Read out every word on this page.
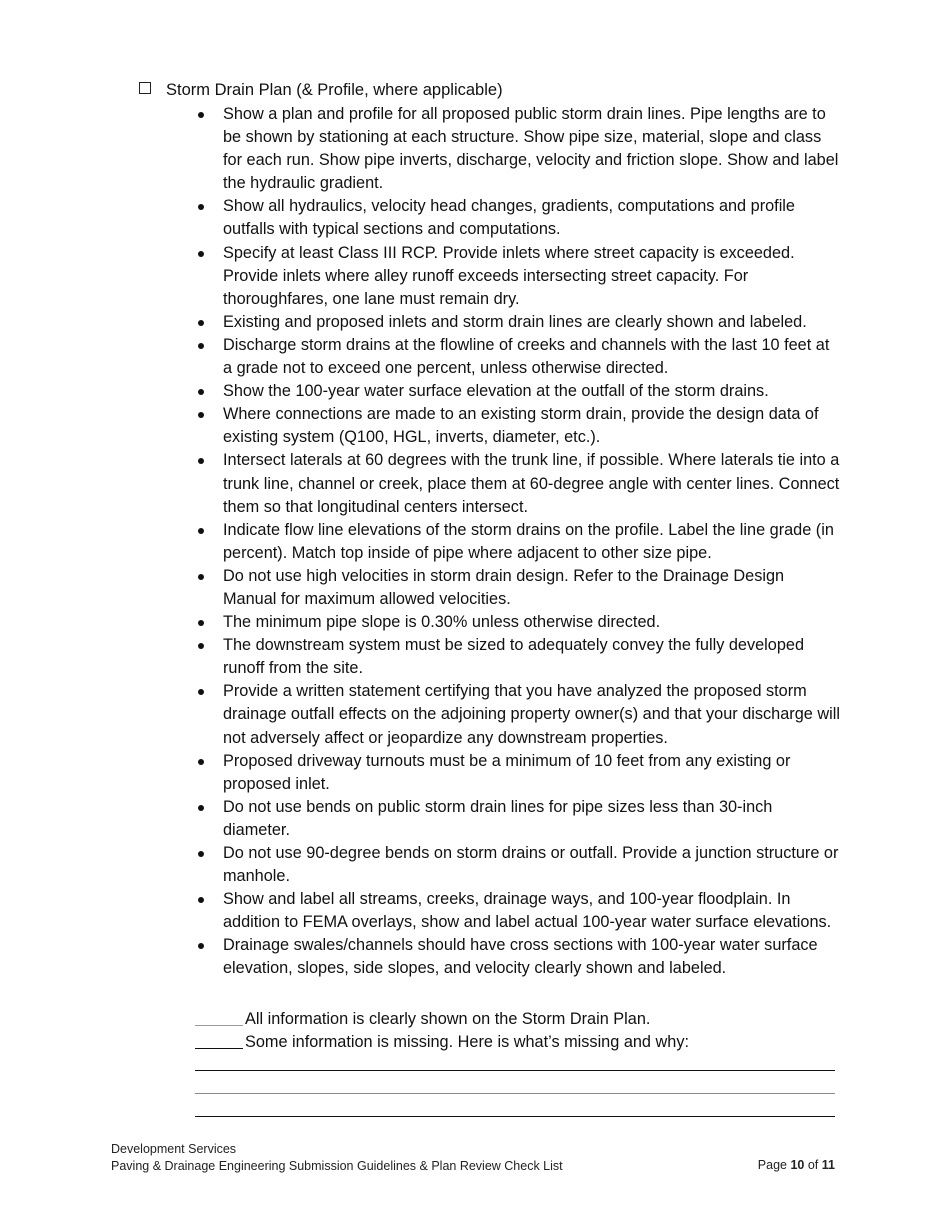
Storm Drain Plan (& Profile, where applicable)
Show a plan and profile for all proposed public storm drain lines. Pipe lengths are to be shown by stationing at each structure. Show pipe size, material, slope and class for each run. Show pipe inverts, discharge, velocity and friction slope. Show and label the hydraulic gradient.
Show all hydraulics, velocity head changes, gradients, computations and profile outfalls with typical sections and computations.
Specify at least Class III RCP. Provide inlets where street capacity is exceeded. Provide inlets where alley runoff exceeds intersecting street capacity. For thoroughfares, one lane must remain dry.
Existing and proposed inlets and storm drain lines are clearly shown and labeled.
Discharge storm drains at the flowline of creeks and channels with the last 10 feet at a grade not to exceed one percent, unless otherwise directed.
Show the 100-year water surface elevation at the outfall of the storm drains.
Where connections are made to an existing storm drain, provide the design data of existing system (Q100, HGL, inverts, diameter, etc.).
Intersect laterals at 60 degrees with the trunk line, if possible. Where laterals tie into a trunk line, channel or creek, place them at 60-degree angle with center lines. Connect them so that longitudinal centers intersect.
Indicate flow line elevations of the storm drains on the profile. Label the line grade (in percent). Match top inside of pipe where adjacent to other size pipe.
Do not use high velocities in storm drain design. Refer to the Drainage Design Manual for maximum allowed velocities.
The minimum pipe slope is 0.30% unless otherwise directed.
The downstream system must be sized to adequately convey the fully developed runoff from the site.
Provide a written statement certifying that you have analyzed the proposed storm drainage outfall effects on the adjoining property owner(s) and that your discharge will not adversely affect or jeopardize any downstream properties.
Proposed driveway turnouts must be a minimum of 10 feet from any existing or proposed inlet.
Do not use bends on public storm drain lines for pipe sizes less than 30-inch diameter.
Do not use 90-degree bends on storm drains or outfall. Provide a junction structure or manhole.
Show and label all streams, creeks, drainage ways, and 100-year floodplain. In addition to FEMA overlays, show and label actual 100-year water surface elevations.
Drainage swales/channels should have cross sections with 100-year water surface elevation, slopes, side slopes, and velocity clearly shown and labeled.
All information is clearly shown on the Storm Drain Plan.
Some information is missing. Here is what’s missing and why:
Development Services
Paving & Drainage Engineering Submission Guidelines & Plan Review Check List	Page 10 of 11
